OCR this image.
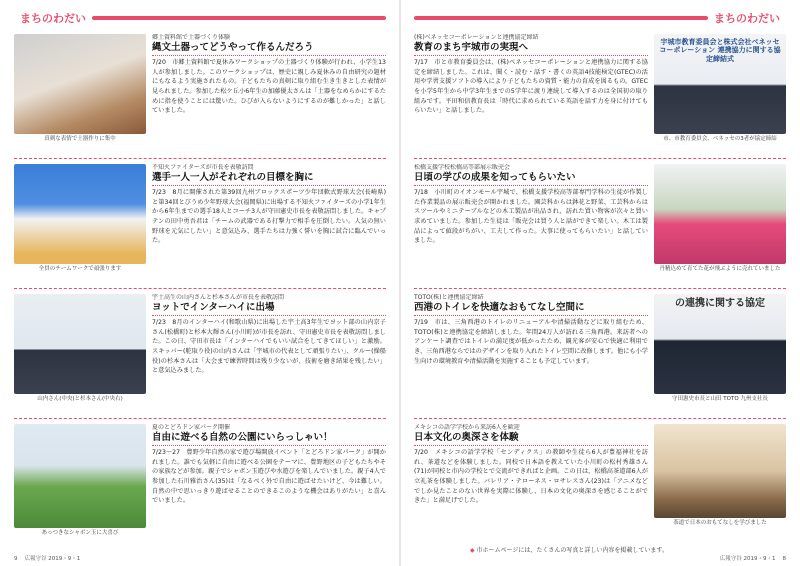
まちのわだい
真剣な表情で土器作りに集中
郷土資料館で土器づくり体験
縄文土器ってどうやって作るんだろう
7/20　市郷土資料館で夏休みワークショップの土器づくり体験が行われ、小学生13人が参加しました。このワークショップは、歴史に親しみ夏休みの自由研究の題材にもなるよう実施されたもの。子どもたちの真剣に取り組む生き生きとした表情が見られました。参加した松ケ丘小6年生の加藤優太さんは「土器をなめらかにするために指を使うことには驚いた。ひびが入らないようにするのが難しかった」と話していました。
全員のチームワークで頑張ります
不知火ファイターズが市長を表敬訪問
選手一人一人がそれぞれの目標を胸に
7/23　8月に開催された第39回九州ブロックスポーツ少年団軟式野球大会(長崎県)と第34回とびうめ少年野球大会(福岡県)に出場する不知火ファイターズの小学1年生から6年生までの選手18人とコーチ3人が守田憲史市長を表敬訪問しました。キャプテンの田中勇吾君は「チームの武器である打撃力で相手を圧倒したい。人気の無い野球を元気にしたい」と意気込み、選手たちは力強く誓いを胸に試合に臨んでいった。
山内さん(中央)と杉本さん(中央右)
宇土高生の山内さんと杉本さんが市長を表敬訪問
ヨットでインターハイに出場
7/23　8月のインターハイ(和歌山県)に出場した宇土高3年生でヨット部の山内京子さん(松橋町)と杉本大輝さん(小川町)が市長を訪れ、守田憲史市長を表敬訪問しました。この日、守田市長は「インターハイでもいい試合をしてきてほしい」と激励。スキッパー(舵取り役)の山内さんは「宇城市の代表として頑張りたい」、クルー(操船役)の杉本さんは「大会まで練習時間は残り少ないが、技術を磨き結果を残したい」と意気込みました。
あっつきなシャボン玉に大喜び
夏のとどろドン家パーク開催
自由に遊べる自然の公園にいらっしゃい！
7/23〜27　豊野少年自然の家で遊び場開放イベント「とどろドン家パーク」が開かれました。誰でも気軽に自由に遊べる公園をテーマに、豊野地区の子どもたちやその家族などが参加。親子でシャボン玉遊びや水遊びを楽しんでいました。親子4人で参加した石川雅治さん(35)は「なるべく外で自由に遊ばせたいけど、今は難しい。自然の中で思いっきり遊ばせることのできるこのような機会はありがたい」と喜んでいました。
9 広報守谷 2019・9・1
まちのわだい
(株)ベネッセコーポレーションと連携協定締結
教育のまち宇城市の実現へ
7/17　市と市教育委員会は、(株)ベネッセコーポレーションと連携協力に関する協定を締結しました。これは、聞く・読む・話す・書くの英語4技能検定(GTEC)の活用や学習支援ソフトの導入により子どもたちの資質・能力の育成を図るもの。GTECを小学5年生から中学3年生までの5学年に渡り連続して導入するのは全国初の取り組みです。平田和信教育長は「時代に求められている英語を話す力を身に付けてもらいたい」と話しました。
宇城市教育委員会と株式会社ベネッセコーポレーション 連携協力に関する協定締結式
市、市教育委員会、ベネッセの3者が協定締結
松橋支援学校松橋高等部展示販売会
日頃の学びの成果を知ってもらいたい
7/18　小川町のイオンモール宇城で、松橋支援学校高等部専門学科の生徒が作製した作業製品の展示販売会が開かれました。園芸科からは鉢花と野菜、工芸科からはスツールやミニテーブルなどの木工製品が出品され、訪れた買い物客が次々と買い求めていました。参加した生徒は「販売会は買う人と話ができて楽しい。木工は製品によって値段がちがい、工夫して作った。大事に使ってもらいたい」と話していました。
丹精込めて育てた花が飛ぶように売れていました
TOTO(株)と連携協定締結
西港のトイレを快適なおもてなし空間に
7/19　市は、三角西港のトイレのリニューアルや清掃活動などに取り組むため、TOTO(株)と連携協定を締結しました。年間24万人が訪れる三角西港。来訪者へのアンケート調査ではトイレの満足度が低かったため、観光客が安心で快適に利用でき、三角西港ならではのデザインを取り入れたトイレ空間に改修します。他にも小学生向けの環境教育や清掃活動を実施することも予定しています。
の連携に関する協定
守田憲史市長と山田 TOTO 九州支社長
メキシコの語学学校から来訪6人を歓迎
日本文化の奥深さを体験
7/20　メキシコの語学学校「センディクス」の教師や生徒ら6人が豊福神社を訪れ、茶道などを体験しました。同校で日本語を教えていた小川町の松村秀雄さん(71)が同校と市内の学校とで交流ができればと企画。この日は、松橋高茶道部6人が立礼茶を体験しました。バレリア・テローネス・ロサレスさん(23)は「アニメなどでしか見たことのない世界を実際に体験し、日本の文化の奥深さを感じることができた」と満足げでした。
茶道で日本のおもてなしを学びました
広報守谷 2019・9・1 8
◆ 市ホームページには、たくさんの写真と詳しい内容を掲載しています。
